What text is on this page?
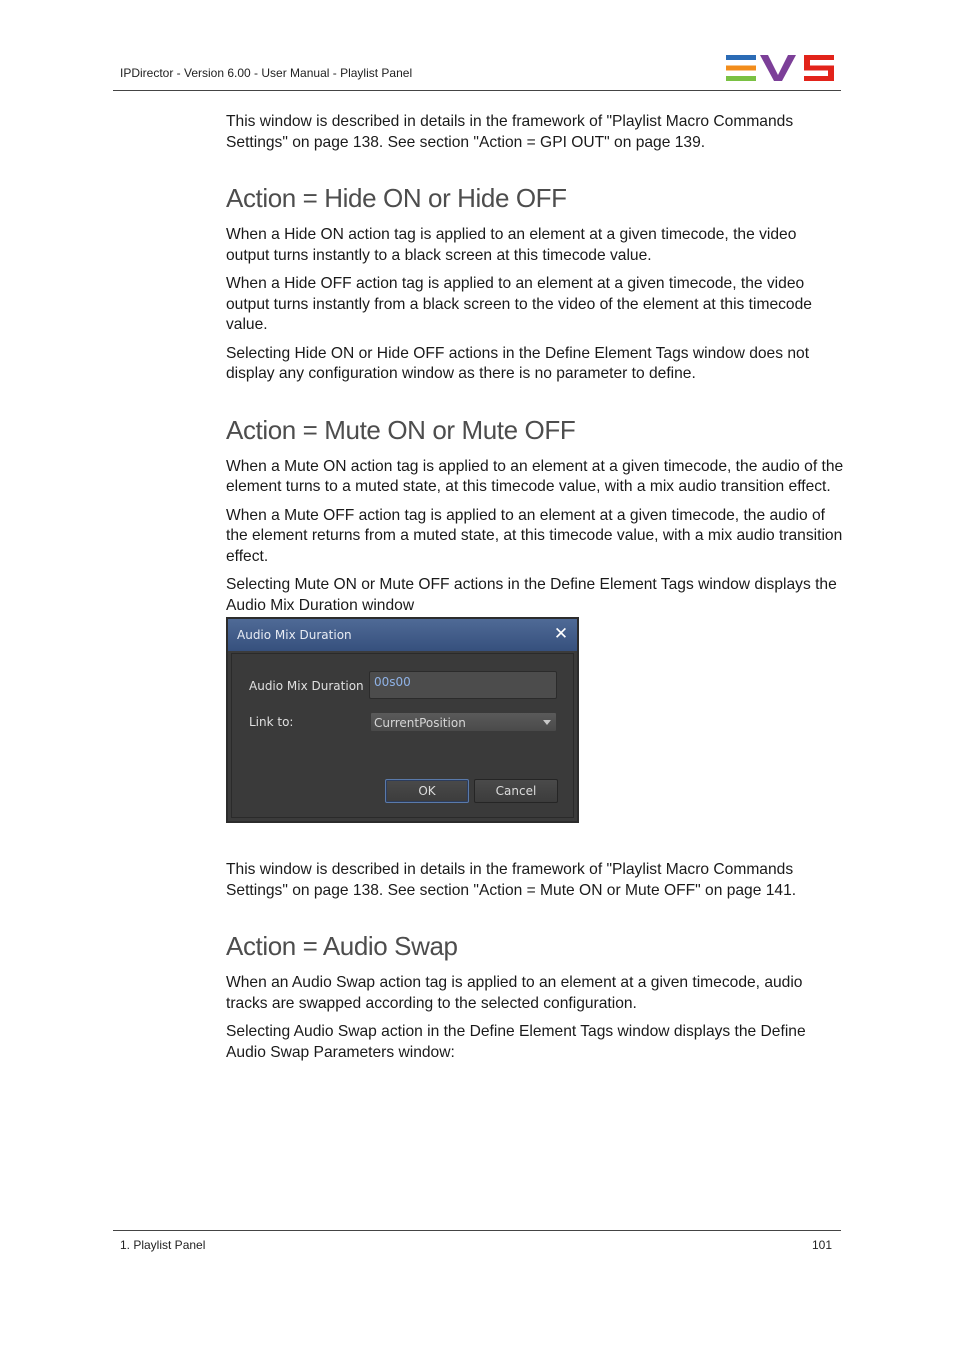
IPDirector - Version 6.00 - User Manual - Playlist Panel

This window is described in details in the framework of "Playlist Macro Commands Settings" on page 138. See section "Action = GPI OUT" on page 139.

Action = Hide ON or Hide OFF

When a Hide ON action tag is applied to an element at a given timecode, the video output turns instantly to a black screen at this timecode value.

When a Hide OFF action tag is applied to an element at a given timecode, the video output turns instantly from a black screen to the video of the element at this timecode value.

Selecting Hide ON or Hide OFF actions in the Define Element Tags window does not display any configuration window as there is no parameter to define.

Action = Mute ON or Mute OFF

When a Mute ON action tag is applied to an element at a given timecode, the audio of the element turns to a muted state, at this timecode value, with a mix audio transition effect.

When a Mute OFF action tag is applied to an element at a given timecode, the audio of the element returns from a muted state, at this timecode value, with a mix audio transition effect.

Selecting Mute ON or Mute OFF actions in the Define Element Tags window displays the Audio Mix Duration window

This window is described in details in the framework of "Playlist Macro Commands Settings" on page 138. See section "Action = Mute ON or Mute OFF" on page 141.

Action = Audio Swap

When an Audio Swap action tag is applied to an element at a given timecode, audio tracks are swapped according to the selected configuration.

Selecting Audio Swap action in the Define Element Tags window displays the Define Audio Swap Parameters window:

Audio Mix Duration	✕
Audio Mix Duration 00s00
Link to:	CurrentPosition
OK	Cancel
1. Playlist Panel	101
